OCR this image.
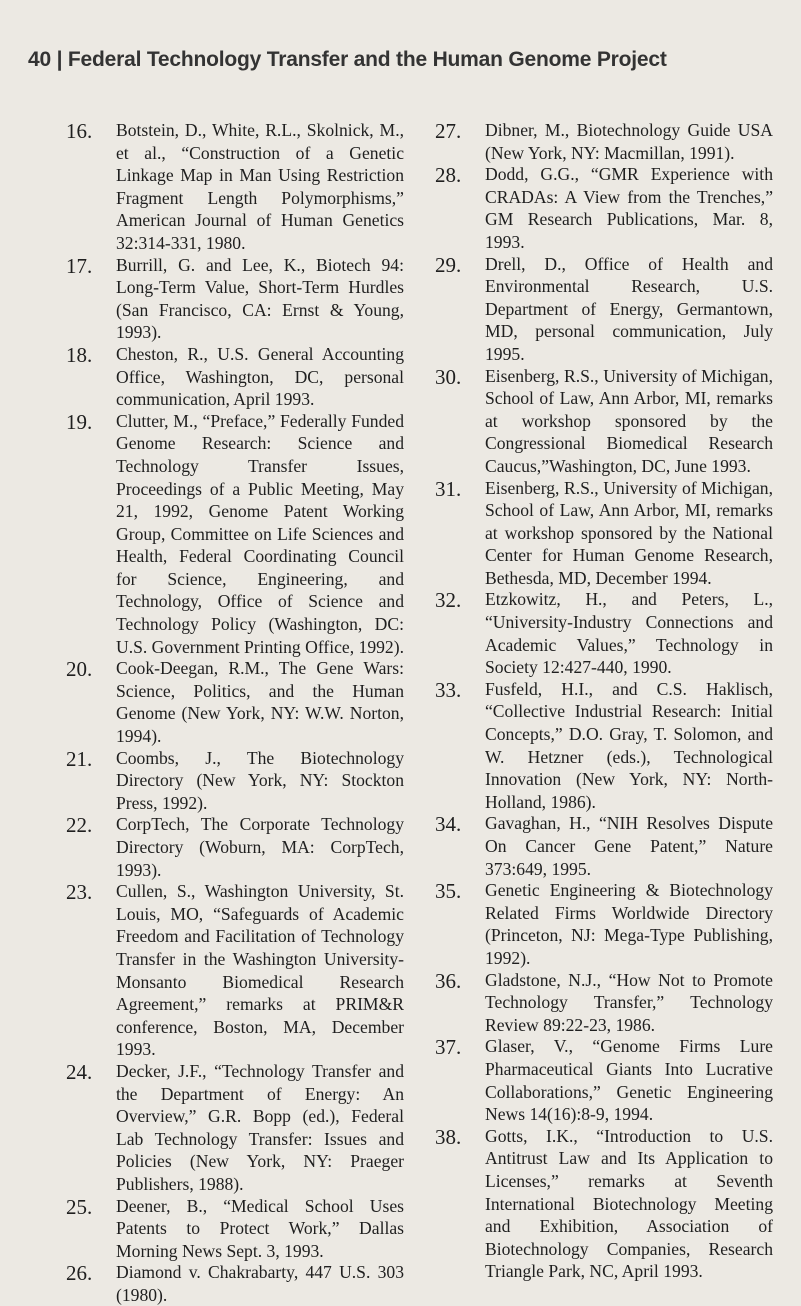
40 | Federal Technology Transfer and the Human Genome Project
16.	Botstein, D., White, R.L., Skolnick, M., et al., “Construction of a Genetic Linkage Map in Man Using Restriction Fragment Length Polymorphisms,” American Journal of Human Genetics 32:314-331, 1980.
17.	Burrill, G. and Lee, K., Biotech 94: Long-Term Value, Short-Term Hurdles (San Francisco, CA: Ernst & Young, 1993).
18.	Cheston, R., U.S. General Accounting Office, Washington, DC, personal communication, April 1993.
19.	Clutter, M., “Preface,” Federally Funded Genome Research: Science and Technology Transfer Issues, Proceedings of a Public Meeting, May 21, 1992, Genome Patent Working Group, Committee on Life Sciences and Health, Federal Coordinating Council for Science, Engineering, and Technology, Office of Science and Technology Policy (Washington, DC: U.S. Government Printing Office, 1992).
20.	Cook-Deegan, R.M., The Gene Wars: Science, Politics, and the Human Genome (New York, NY: W.W. Norton, 1994).
21.	Coombs, J., The Biotechnology Directory (New York, NY: Stockton Press, 1992).
22.	CorpTech, The Corporate Technology Directory (Woburn, MA: CorpTech, 1993).
23.	Cullen, S., Washington University, St. Louis, MO, “Safeguards of Academic Freedom and Facilitation of Technology Transfer in the Washington University-Monsanto Biomedical Research Agreement,” remarks at PRIM&R conference, Boston, MA, December 1993.
24.	Decker, J.F., “Technology Transfer and the Department of Energy: An Overview,” G.R. Bopp (ed.), Federal Lab Technology Transfer: Issues and Policies (New York, NY: Praeger Publishers, 1988).
25.	Deener, B., “Medical School Uses Patents to Protect Work,” Dallas Morning News Sept. 3, 1993.
26.	Diamond v. Chakrabarty, 447 U.S. 303 (1980).
27.	Dibner, M., Biotechnology Guide USA (New York, NY: Macmillan, 1991).
28.	Dodd, G.G., “GMR Experience with CRADAs: A View from the Trenches,” GM Research Publications, Mar. 8, 1993.
29.	Drell, D., Office of Health and Environmental Research, U.S. Department of Energy, Germantown, MD, personal communication, July 1995.
30.	Eisenberg, R.S., University of Michigan, School of Law, Ann Arbor, MI, remarks at workshop sponsored by the Congressional Biomedical Research Caucus,”Washington, DC, June 1993.
31.	Eisenberg, R.S., University of Michigan, School of Law, Ann Arbor, MI, remarks at workshop sponsored by the National Center for Human Genome Research, Bethesda, MD, December 1994.
32.	Etzkowitz, H., and Peters, L., “University-Industry Connections and Academic Values,” Technology in Society 12:427-440, 1990.
33.	Fusfeld, H.I., and C.S. Haklisch, “Collective Industrial Research: Initial Concepts,” D.O. Gray, T. Solomon, and W. Hetzner (eds.), Technological Innovation (New York, NY: North-Holland, 1986).
34.	Gavaghan, H., “NIH Resolves Dispute On Cancer Gene Patent,” Nature 373:649, 1995.
35.	Genetic Engineering & Biotechnology Related Firms Worldwide Directory (Princeton, NJ: Mega-Type Publishing, 1992).
36.	Gladstone, N.J., “How Not to Promote Technology Transfer,” Technology Review 89:22-23, 1986.
37.	Glaser, V., “Genome Firms Lure Pharmaceutical Giants Into Lucrative Collaborations,” Genetic Engineering News 14(16):8-9, 1994.
38.	Gotts, I.K., “Introduction to U.S. Antitrust Law and Its Application to Licenses,” remarks at Seventh International Biotechnology Meeting and Exhibition, Association of Biotechnology Companies, Research Triangle Park, NC, April 1993.
